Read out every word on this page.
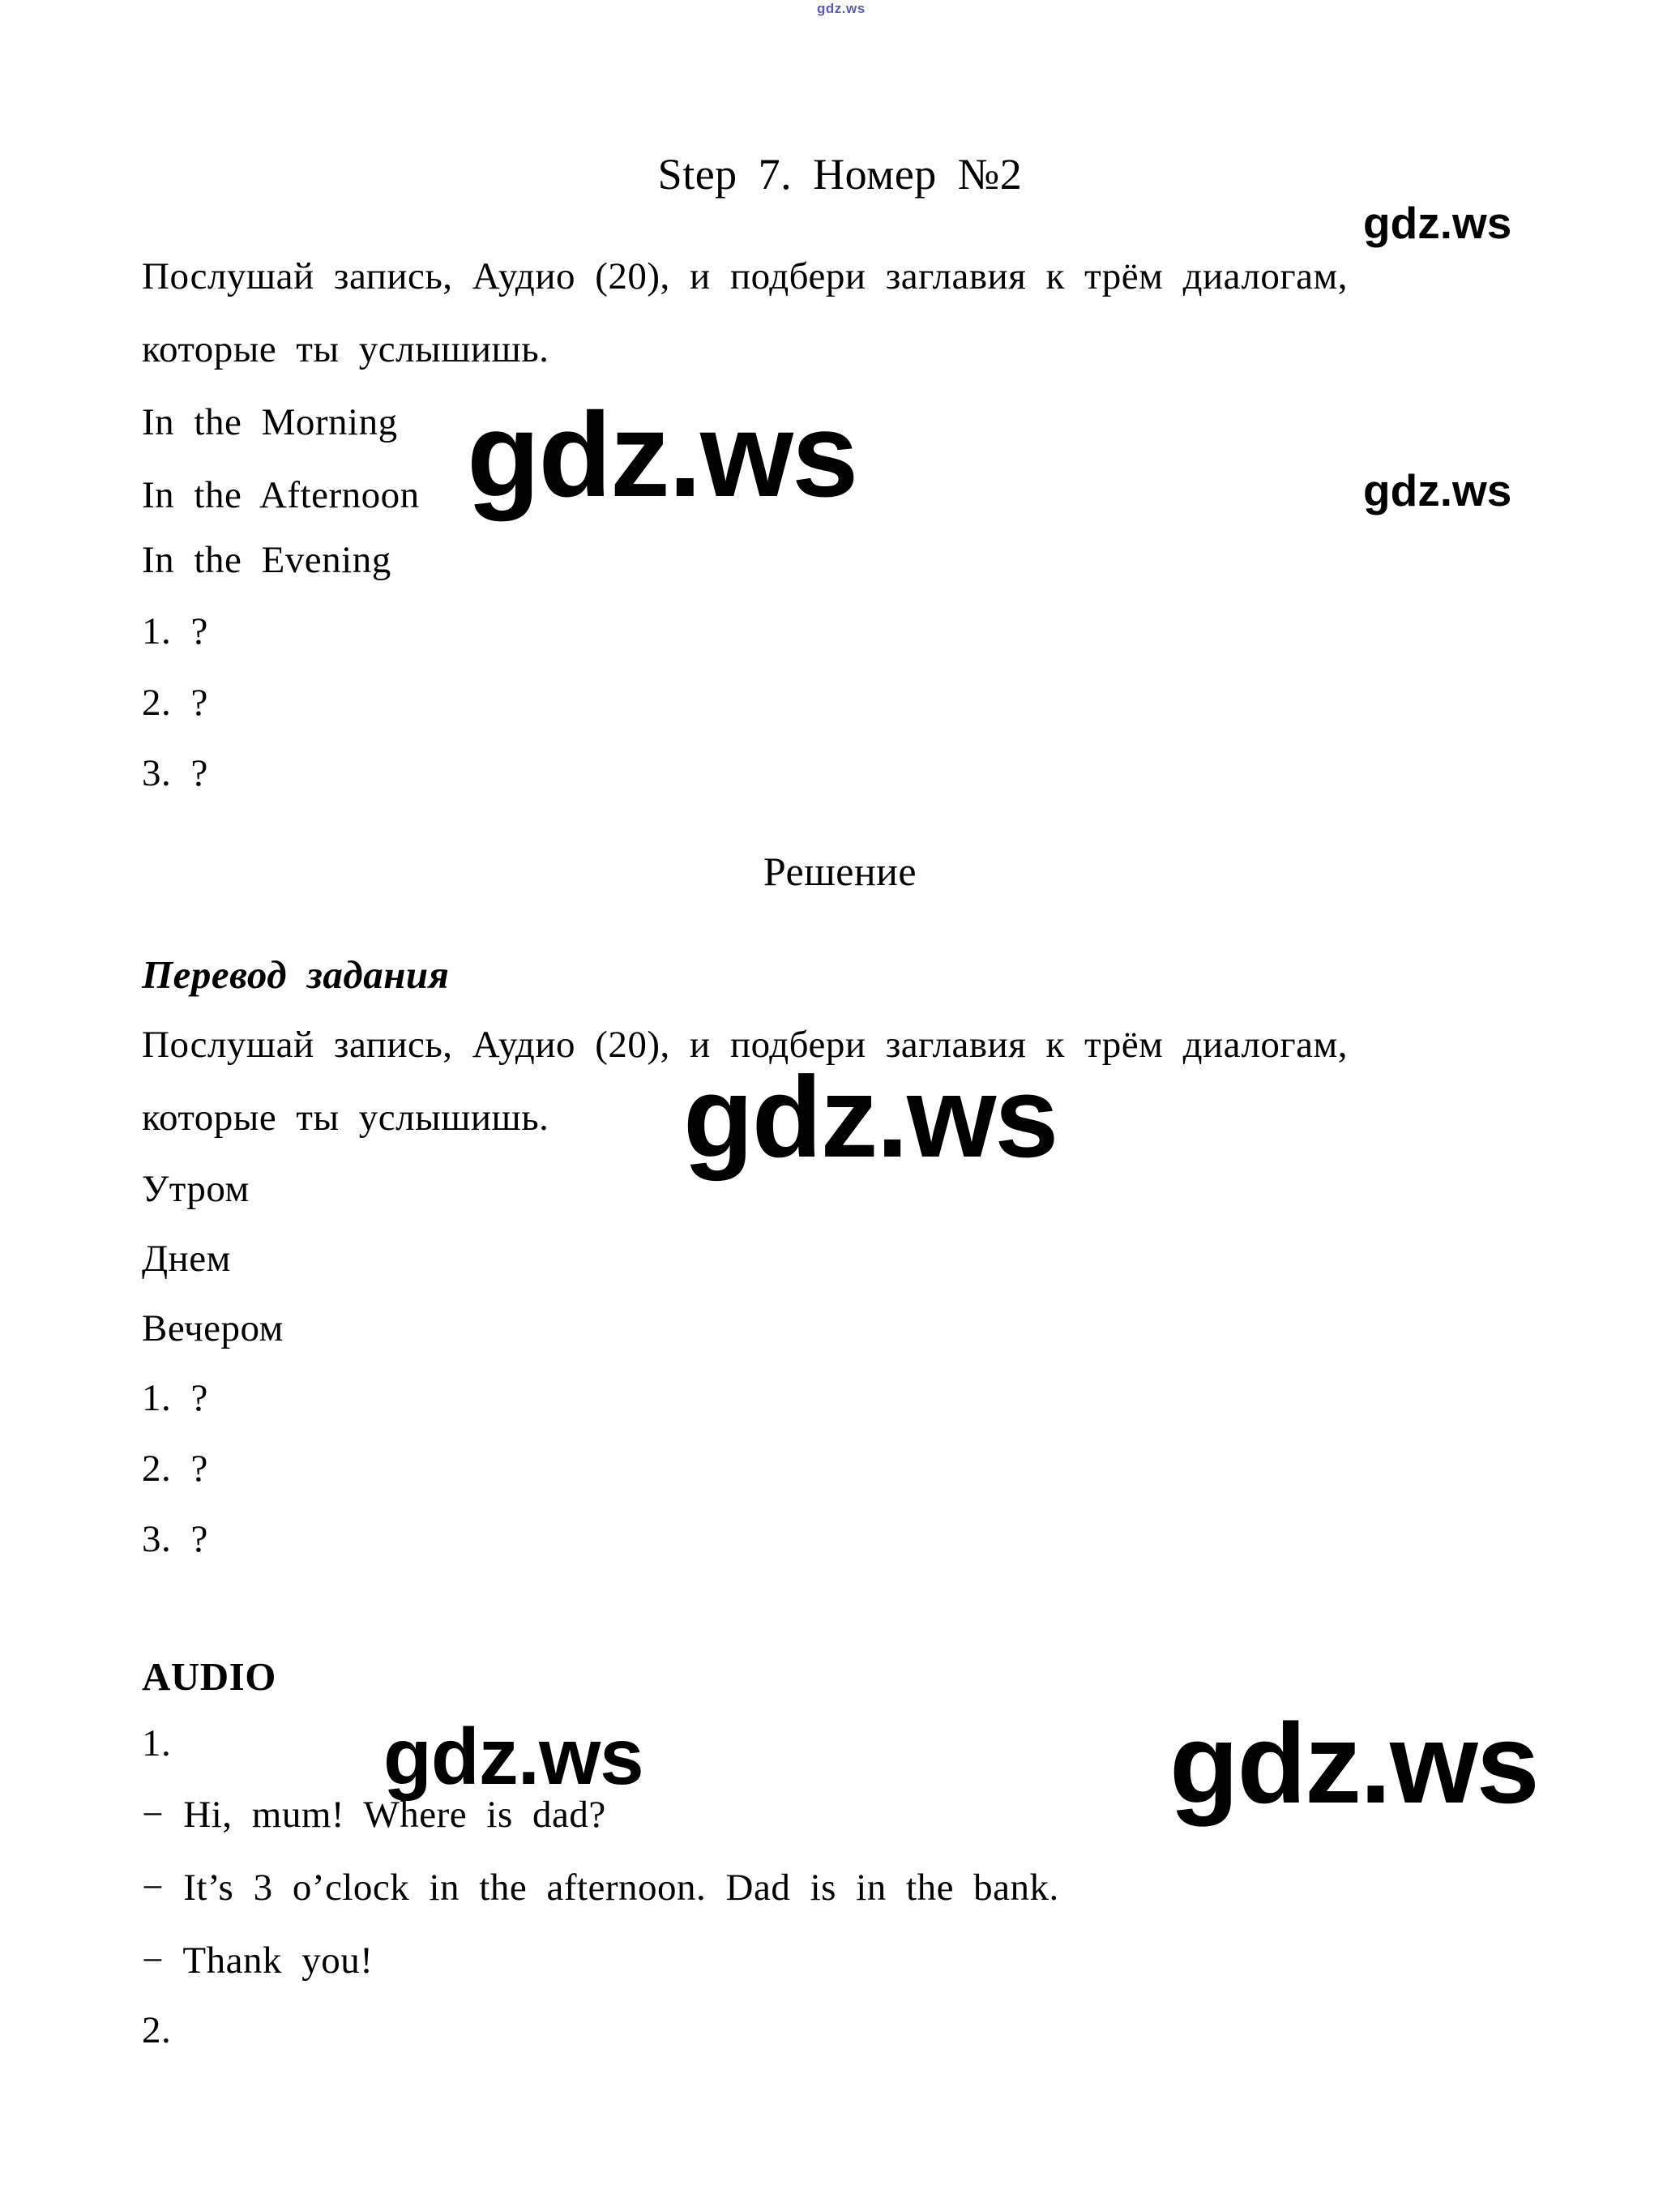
gdz.ws
Step 7. Номер №2
gdz.ws
Послушай запись, Аудио (20), и подбери заглавия к трём диалогам,
которые ты услышишь.
In the Morning
In the Afternoon gdz.ws	gdz.ws
In the Evening
1. ?
2. ?
3. ?
Решение
Перевод задания
Послушай запись, Аудио (20), и подбери заглавия к трём диалогам,
которые ты услышишь. gdz.ws
Утром
Днем
Вечером
1. ?
2. ?
3. ?
AUDIO
1.	gdz.ws	gdz.ws
− Hi, mum! Where is dad?
− It’s 3 o’clock in the afternoon. Dad is in the bank.
− Thank you!
2.
